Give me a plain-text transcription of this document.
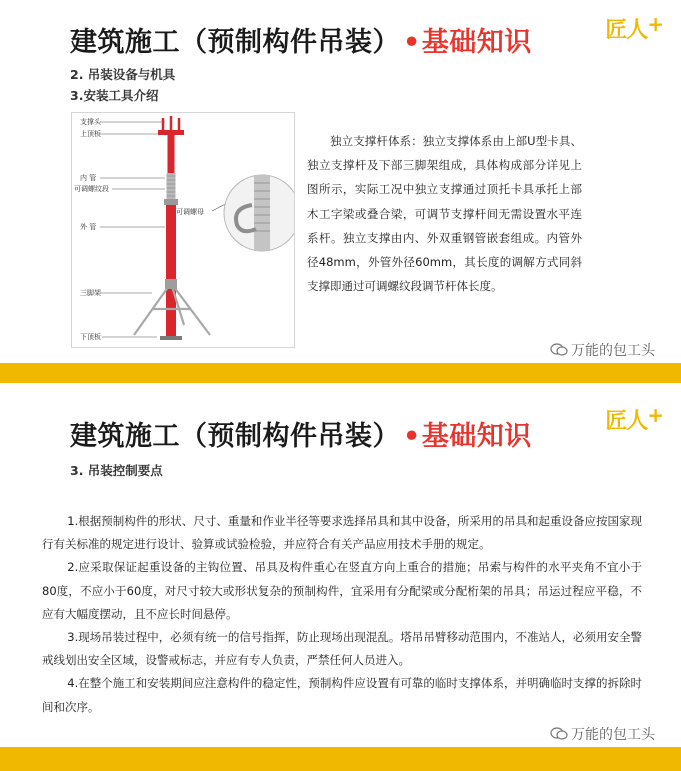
建筑施工（预制构件吊装） •基础知识	匠人+
2. 吊装设备与机具
3.安装工具介绍
支撑头
上顶板
内 管
可调螺纹段
外 管
三脚架
下顶板
可调螺母

独立支撑杆体系：独立支撑体系由上部U型卡具、独立支撑杆及下部三脚架组成，具体构成部分详见上图所示，实际工况中独立支撑通过顶托卡具承托上部木工字梁或叠合梁，可调节支撑杆间无需设置水平连系杆。独立支撑由内、外双重钢管嵌套组成。内管外径48mm，外管外径60mm，其长度的调解方式同斜支撑即通过可调螺纹段调节杆体长度。

万能的包工头
建筑施工（预制构件吊装） •基础知识	匠人+
3. 吊装控制要点

1.根据预制构件的形状、尺寸、重量和作业半径等要求选择吊具和其中设备，所采用的吊具和起重设备应按国家现行有关标准的规定进行设计、验算或试验检验，并应符合有关产品应用技术手册的规定。

2.应采取保证起重设备的主钩位置、吊具及构件重心在竖直方向上重合的措施；吊索与构件的水平夹角不宜小于80度，不应小于60度，对尺寸较大或形状复杂的预制构件，宜采用有分配梁或分配桁架的吊具；吊运过程应平稳，不应有大幅度摆动，且不应长时间悬停。

3.现场吊装过程中，必须有统一的信号指挥，防止现场出现混乱。塔吊吊臂移动范围内，不准站人，必须用安全警戒线划出安全区域，设警戒标志，并应有专人负责，严禁任何人员进入。

4.在整个施工和安装期间应注意构件的稳定性，预制构件应设置有可靠的临时支撑体系，并明确临时支撑的拆除时间和次序。

万能的包工头
